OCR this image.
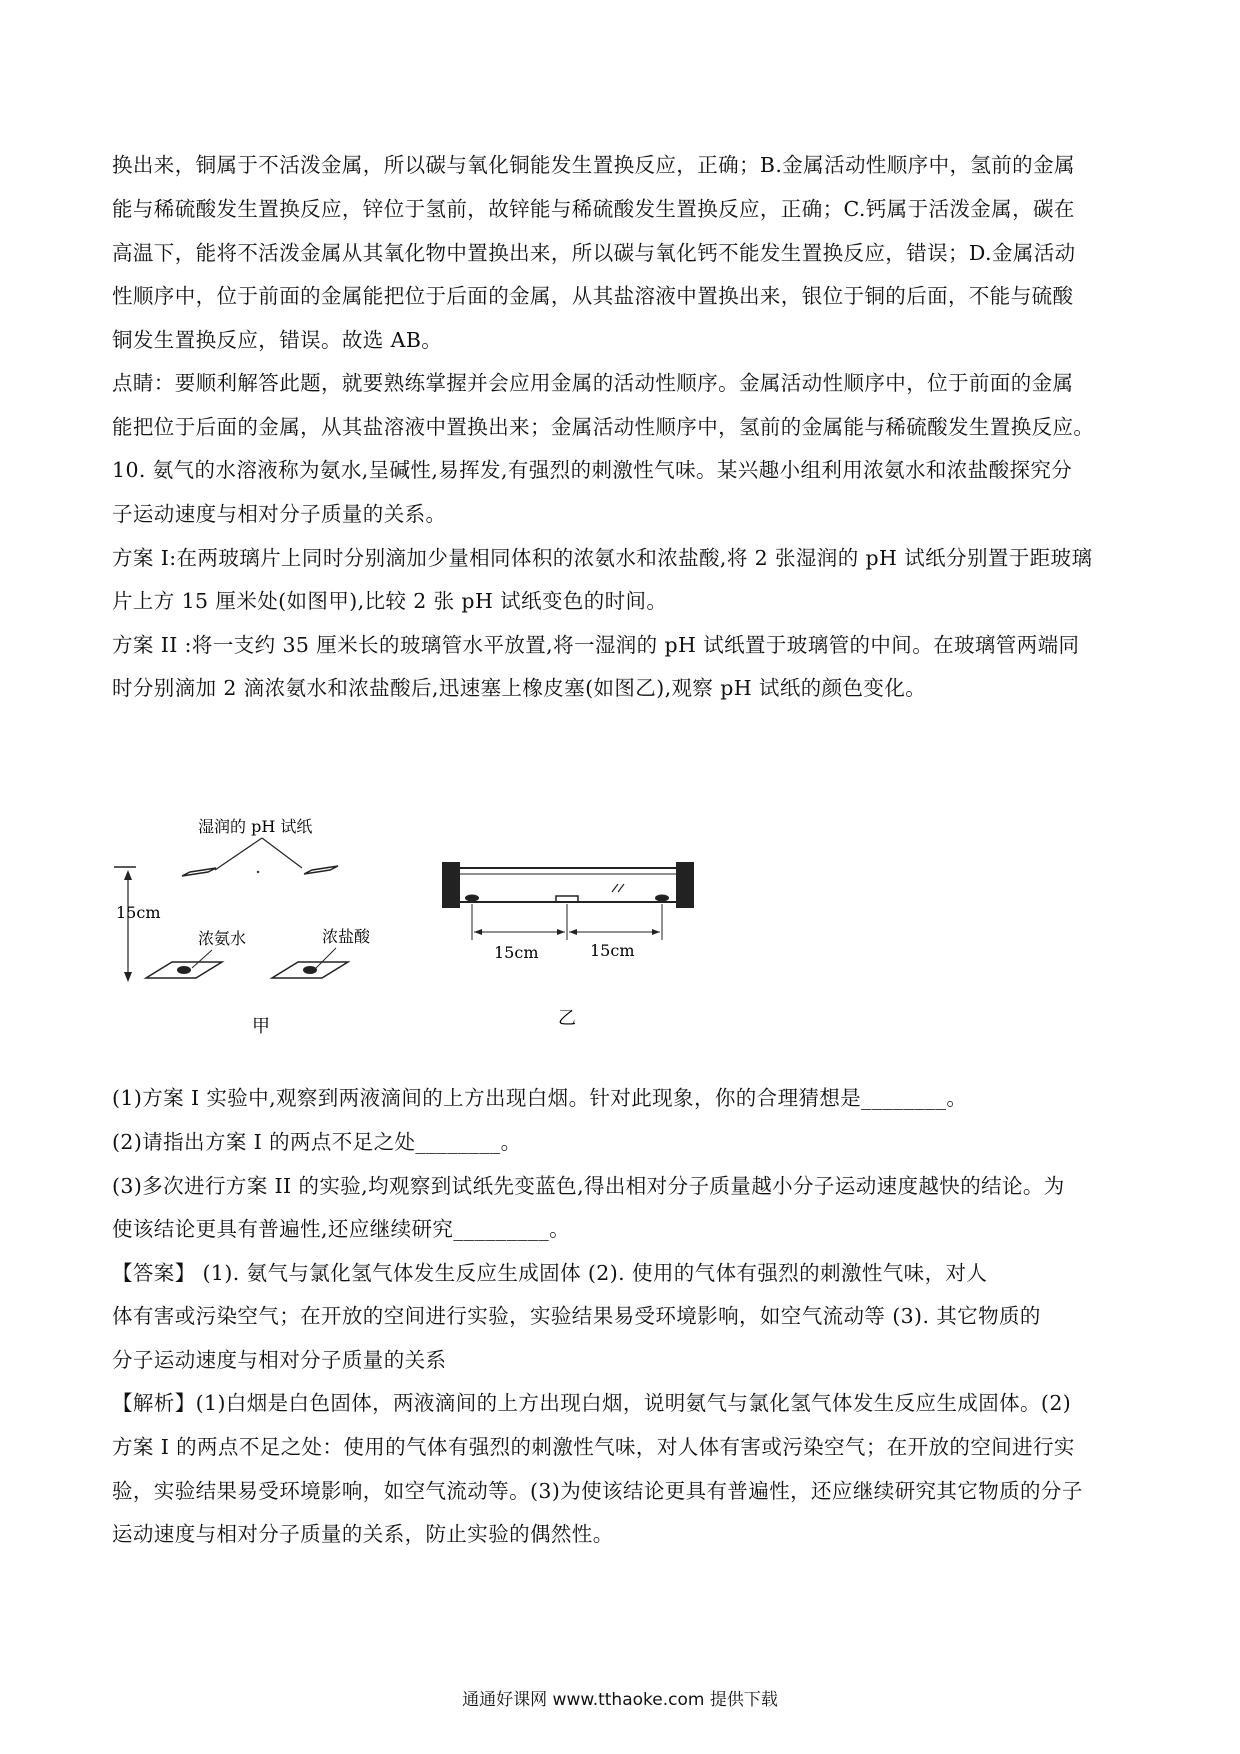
换出来，铜属于不活泼金属，所以碳与氧化铜能发生置换反应，正确；B.金属活动性顺序中，氢前的金属

能与稀硫酸发生置换反应，锌位于氢前，故锌能与稀硫酸发生置换反应，正确；C.钙属于活泼金属，碳在

高温下，能将不活泼金属从其氧化物中置换出来，所以碳与氧化钙不能发生置换反应，错误；D.金属活动

性顺序中，位于前面的金属能把位于后面的金属，从其盐溶液中置换出来，银位于铜的后面，不能与硫酸

铜发生置换反应，错误。故选 AB。

点睛：要顺利解答此题，就要熟练掌握并会应用金属的活动性顺序。金属活动性顺序中，位于前面的金属

能把位于后面的金属，从其盐溶液中置换出来；金属活动性顺序中，氢前的金属能与稀硫酸发生置换反应。

10. 氨气的水溶液称为氨水,呈碱性,易挥发,有强烈的刺激性气味。某兴趣小组利用浓氨水和浓盐酸探究分

子运动速度与相对分子质量的关系。

方案 I:在两玻璃片上同时分别滴加少量相同体积的浓氨水和浓盐酸,将 2 张湿润的 pH 试纸分别置于距玻璃

片上方 15 厘米处(如图甲),比较 2 张 pH 试纸变色的时间。

方案 II :将一支约 35 厘米长的玻璃管水平放置,将一湿润的 pH 试纸置于玻璃管的中间。在玻璃管两端同

时分别滴加 2 滴浓氨水和浓盐酸后,迅速塞上橡皮塞(如图乙),观察 pH 试纸的颜色变化。

湿润的 pH 试纸
15cm
浓氨水	浓盐酸
甲
15cm	15cm
乙

(1)方案 I 实验中,观察到两液滴间的上方出现白烟。针对此现象，你的合理猜想是________。

(2)请指出方案 I 的两点不足之处________。

(3)多次进行方案 II 的实验,均观察到试纸先变蓝色,得出相对分子质量越小分子运动速度越快的结论。为

使该结论更具有普遍性,还应继续研究_________。

【答案】 (1). 氨气与氯化氢气体发生反应生成固体 (2). 使用的气体有强烈的刺激性气味，对人

体有害或污染空气；在开放的空间进行实验，实验结果易受环境影响，如空气流动等 (3). 其它物质的

分子运动速度与相对分子质量的关系

【解析】(1)白烟是白色固体，两液滴间的上方出现白烟，说明氨气与氯化氢气体发生反应生成固体。(2)

方案 I 的两点不足之处：使用的气体有强烈的刺激性气味，对人体有害或污染空气；在开放的空间进行实

验，实验结果易受环境影响，如空气流动等。(3)为使该结论更具有普遍性，还应继续研究其它物质的分子

运动速度与相对分子质量的关系，防止实验的偶然性。

通通好课网 www.tthaoke.com 提供下载
